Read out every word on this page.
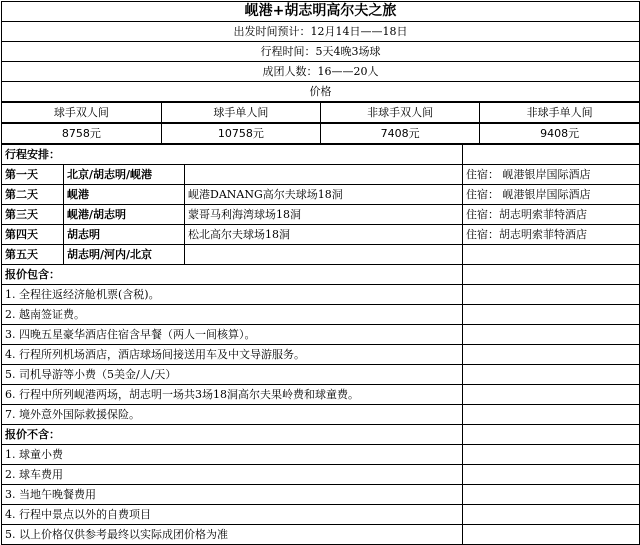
岘港+胡志明高尔夫之旅
出发时间预计：12月14日——18日
行程时间：5天4晚3场球
成团人数：16——20人
价格

球手双人间	球手单人间	非球手双人间	非球手单人间

8758元	10758元	7408元	9408元

行程安排：	
第一天	北京/胡志明/岘港		住宿： 岘港银岸国际酒店
第二天	岘港	岘港DANANG高尔夫球场18洞	住宿： 岘港银岸国际酒店
第三天	岘港/胡志明	蒙哥马利海湾球场18洞	住宿：胡志明索菲特酒店
第四天	胡志明	松北高尔夫球场18洞	住宿：胡志明索菲特酒店
第五天	胡志明/河内/北京		
报价包含：	
1. 全程往返经济舱机票(含税)。	
2. 越南签证费。	
3. 四晚五星豪华酒店住宿含早餐（两人一间核算）。	
4. 行程所列机场酒店，酒店球场间接送用车及中文导游服务。	
5. 司机导游等小费（5美金/人/天）	
6. 行程中所列岘港两场，胡志明一场共3场18洞高尔夫果岭费和球童费。	
7. 境外意外国际救援保险。	
报价不含：	
1. 球童小费	
2. 球车费用	
3. 当地午晚餐费用	
4. 行程中景点以外的自费项目	
5. 以上价格仅供参考最终以实际成团价格为准	
